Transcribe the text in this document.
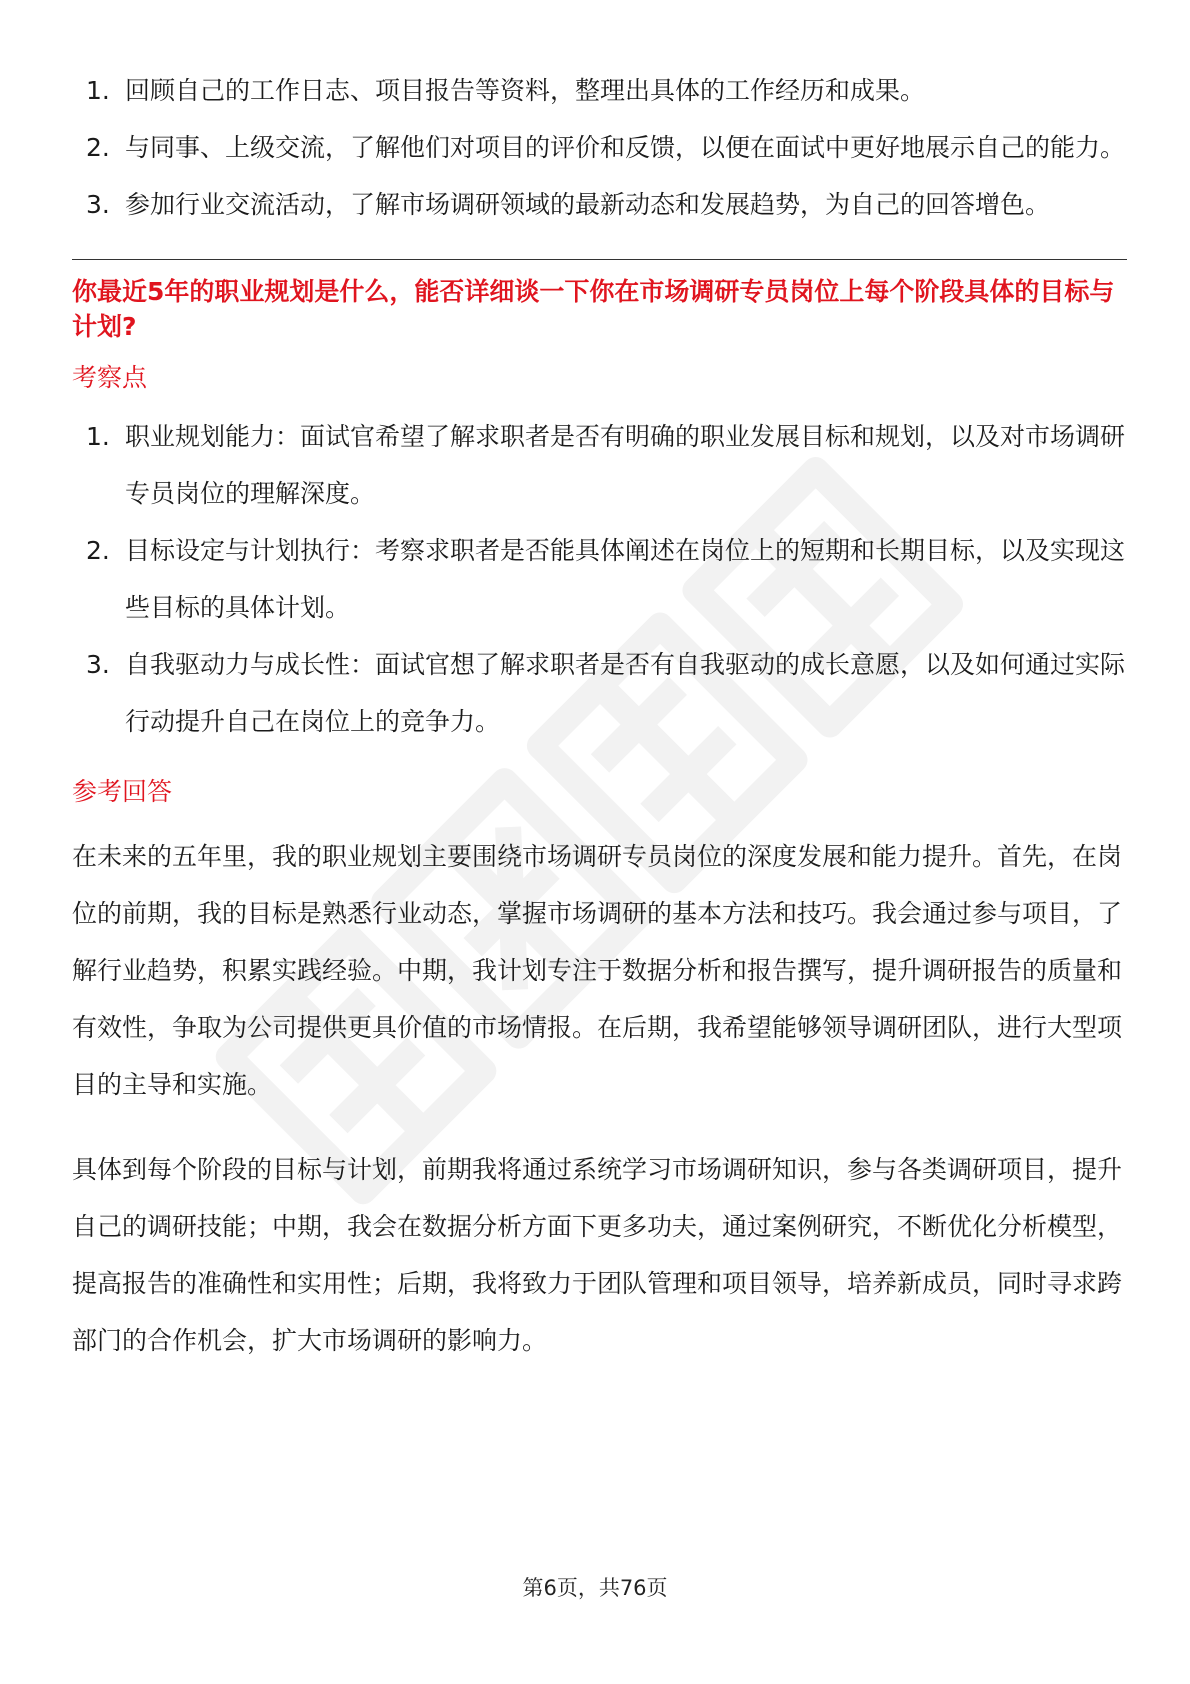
1. 回顾自己的工作日志、项目报告等资料，整理出具体的工作经历和成果。
2. 与同事、上级交流，了解他们对项目的评价和反馈，以便在面试中更好地展示自己的能力。
3. 参加行业交流活动，了解市场调研领域的最新动态和发展趋势，为自己的回答增色。

你最近5年的职业规划是什么，能否详细谈一下你在市场调研专员岗位上每个阶段具体的目标与计划?

考察点

1. 职业规划能力：面试官希望了解求职者是否有明确的职业发展目标和规划，以及对市场调研专员岗位的理解深度。
2. 目标设定与计划执行：考察求职者是否能具体阐述在岗位上的短期和长期目标，以及实现这些目标的具体计划。
3. 自我驱动力与成长性：面试官想了解求职者是否有自我驱动的成长意愿，以及如何通过实际行动提升自己在岗位上的竞争力。

参考回答

在未来的五年里，我的职业规划主要围绕市场调研专员岗位的深度发展和能力提升。首先，在岗位的前期，我的目标是熟悉行业动态，掌握市场调研的基本方法和技巧。我会通过参与项目，了解行业趋势，积累实践经验。中期，我计划专注于数据分析和报告撰写，提升调研报告的质量和有效性，争取为公司提供更具价值的市场情报。在后期，我希望能够领导调研团队，进行大型项目的主导和实施。

具体到每个阶段的目标与计划，前期我将通过系统学习市场调研知识，参与各类调研项目，提升自己的调研技能；中期，我会在数据分析方面下更多功夫，通过案例研究，不断优化分析模型，提高报告的准确性和实用性；后期，我将致力于团队管理和项目领导，培养新成员，同时寻求跨部门的合作机会，扩大市场调研的影响力。

第6页，共76页
